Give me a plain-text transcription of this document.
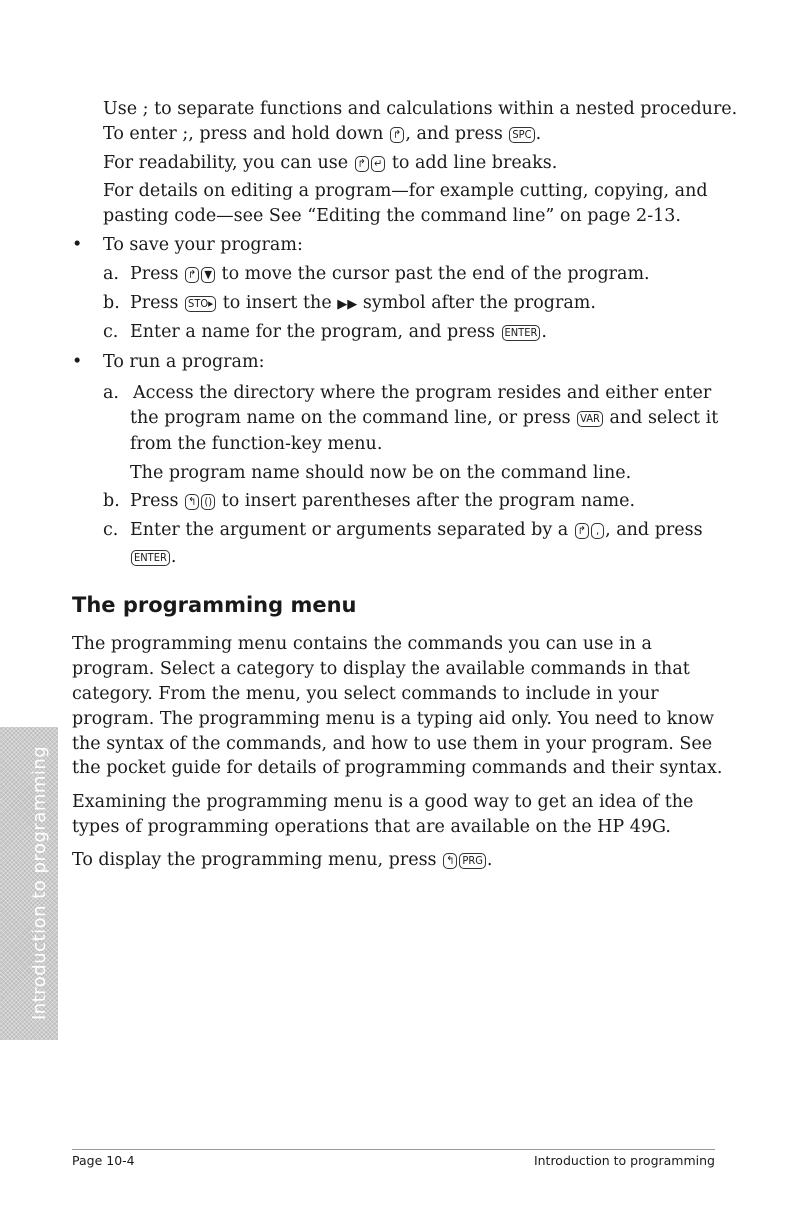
Use ; to separate functions and calculations within a nested procedure.
To enter ;, press and hold down ↱ , and press SPC .
For readability, you can use ↱ ↵ to add line breaks.
For details on editing a program—for example cutting, copying, and
pasting code—see See “Editing the command line” on page 2-13.
• To save your program:
a. Press ↱ ▼ to move the cursor past the end of the program.
b. Press STO▸ to insert the ▶▶ symbol after the program.
c. Enter a name for the program, and press ENTER .
• To run a program:
a. Access the directory where the program resides and either enter
the program name on the command line, or press VAR and select it
from the function-key menu.
The program name should now be on the command line.
b. Press ↰ () to insert parentheses after the program name.
c. Enter the argument or arguments separated by a ↱ , , and press
ENTER .
The programming menu
The programming menu contains the commands you can use in a
program. Select a category to display the available commands in that
category. From the menu, you select commands to include in your
program. The programming menu is a typing aid only. You need to know
the syntax of the commands, and how to use them in your program. See
the pocket guide for details of programming commands and their syntax.
Examining the programming menu is a good way to get an idea of the
types of programming operations that are available on the HP 49G.
To display the programming menu, press ↰ PRG .
Introduction to programming
Page 10-4	Introduction to programming
